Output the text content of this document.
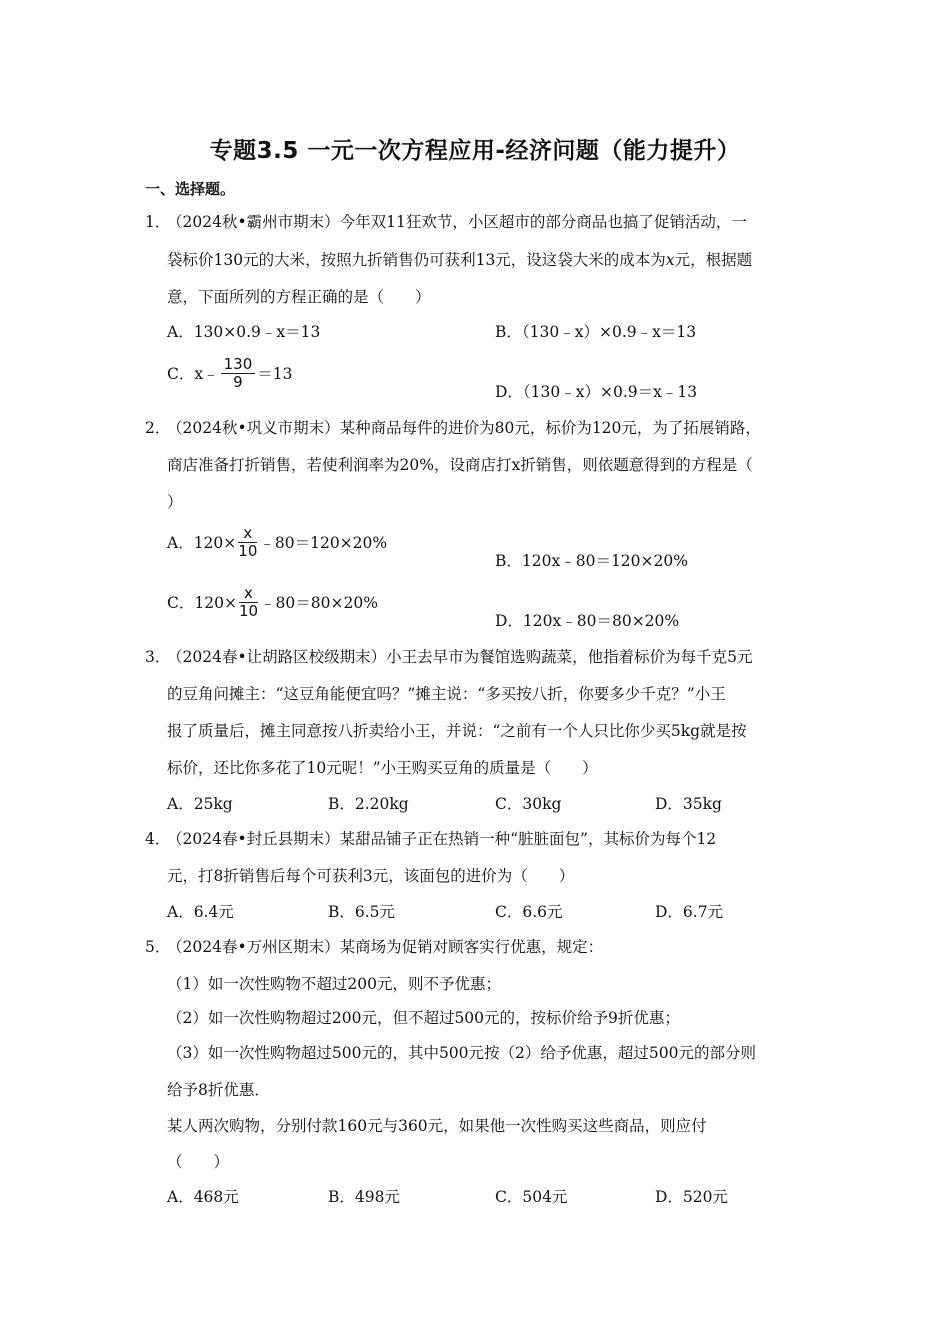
专题3.5 一元一次方程应用-经济问题（能力提升）
一、选择题。
1．
（2024秋•霸州市期末）今年双11狂欢节，小区超市的部分商品也搞了促销活动，一
袋标价130元的大米，按照九折销售仍可获利13元，设这袋大米的成本为x元，根据题
意，下面所列的方程正确的是（　　）
A．130×0.9﹣x＝13	B．（130﹣x）×0.9﹣x＝13
C．x﹣ $\frac{130}{9} =13$
D．（130﹣x）×0.9＝x﹣13
2．
（2024秋•巩义市期末）某种商品每件的进价为80元，标价为120元，为了拓展销路，
商店准备打折销售，若使利润率为20%，设商店打x折销售，则依题意得到的方程是（
）
A．$120\times \frac{x}{10}$ ﹣80＝120×20%
B．120x﹣80＝120×20%
C．$120\times \frac{x}{10}$ ﹣80＝80×20%
D．120x﹣80＝80×20%
3．
（2024春•让胡路区校级期末）小王去早市为餐馆选购蔬菜，他指着标价为每千克5元
的豆角问摊主：“这豆角能便宜吗？”摊主说：“多买按八折，你要多少千克？”小王
报了质量后，摊主同意按八折卖给小王，并说：“之前有一个人只比你少买5kg就是按
标价，还比你多花了10元呢！”小王购买豆角的质量是（　　）
A．25kg	B．2.20kg	C．30kg	D．35kg
4．
（2024春•封丘县期末）某甜品铺子正在热销一种“脏脏面包”，其标价为每个12
元，打8折销售后每个可获利3元，该面包的进价为（　　）
A．6.4元	B．6.5元	C．6.6元	D．6.7元
5．
（2024春•万州区期末）某商场为促销对顾客实行优惠，规定：
（1）如一次性购物不超过200元，则不予优惠；
（2）如一次性购物超过200元，但不超过500元的，按标价给予9折优惠；
（3）如一次性购物超过500元的，其中500元按（2）给予优惠，超过500元的部分则
给予8折优惠．
某人两次购物，分别付款160元与360元，如果他一次性购买这些商品，则应付
（　　）
A．468元	B．498元	C．504元	D．520元
